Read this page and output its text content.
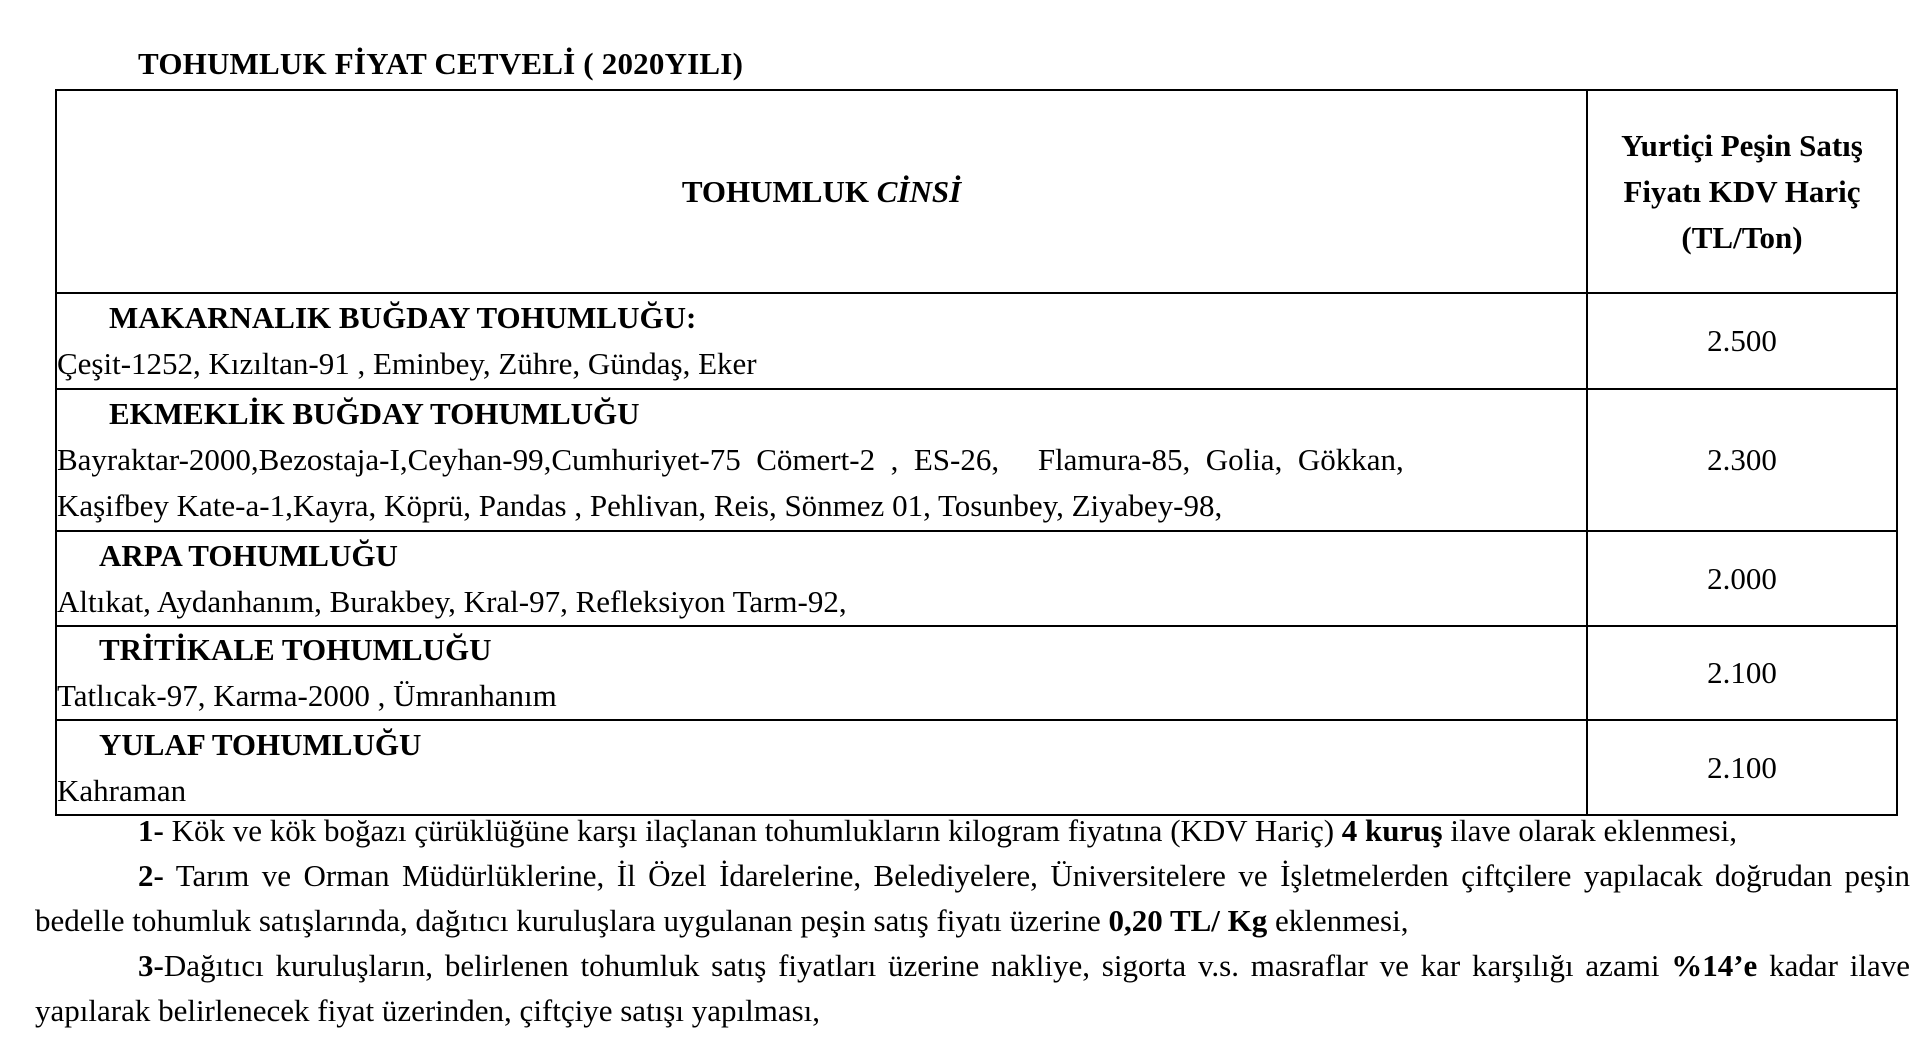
TOHUMLUK FİYAT CETVELİ ( 2020YILI)
TOHUMLUK CİNSİ	Yurtiçi Peşin Satış
Fiyatı KDV Hariç
(TL/Ton)

MAKARNALIK BUĞDAY TOHUMLUĞU:
Çeşit-1252, Kızıltan-91 , Eminbey, Zühre, Gündaş, Eker	2.500

EKMEKLİK BUĞDAY TOHUMLUĞU
Bayraktar-2000,Bezostaja-I,Ceyhan-99,Cumhuriyet-75  Cömert-2  ,  ES-26,     Flamura-85,  Golia,  Gökkan,
Kaşifbey Kate-a-1,Kayra, Köprü, Pandas , Pehlivan, Reis, Sönmez 01, Tosunbey, Ziyabey-98,	2.300

ARPA TOHUMLUĞU
Altıkat, Aydanhanım, Burakbey, Kral-97, Refleksiyon Tarm-92,	2.000

TRİTİKALE TOHUMLUĞU
Tatlıcak-97, Karma-2000 , Ümranhanım	2.100

YULAF TOHUMLUĞU
Kahraman	2.100
1- Kök ve kök boğazı çürüklüğüne karşı ilaçlanan tohumlukların kilogram fiyatına (KDV Hariç) 4 kuruş ilave olarak eklenmesi,
2- Tarım ve Orman Müdürlüklerine, İl Özel İdarelerine, Belediyelere, Üniversitelere ve İşletmelerden çiftçilere yapılacak doğrudan peşin bedelle tohumluk satışlarında, dağıtıcı kuruluşlara uygulanan peşin satış fiyatı üzerine 0,20 TL/ Kg eklenmesi,
3-Dağıtıcı kuruluşların, belirlenen tohumluk satış fiyatları üzerine nakliye, sigorta v.s. masraflar ve kar karşılığı azami %14’e kadar ilave yapılarak belirlenecek fiyat üzerinden, çiftçiye satışı yapılması,
